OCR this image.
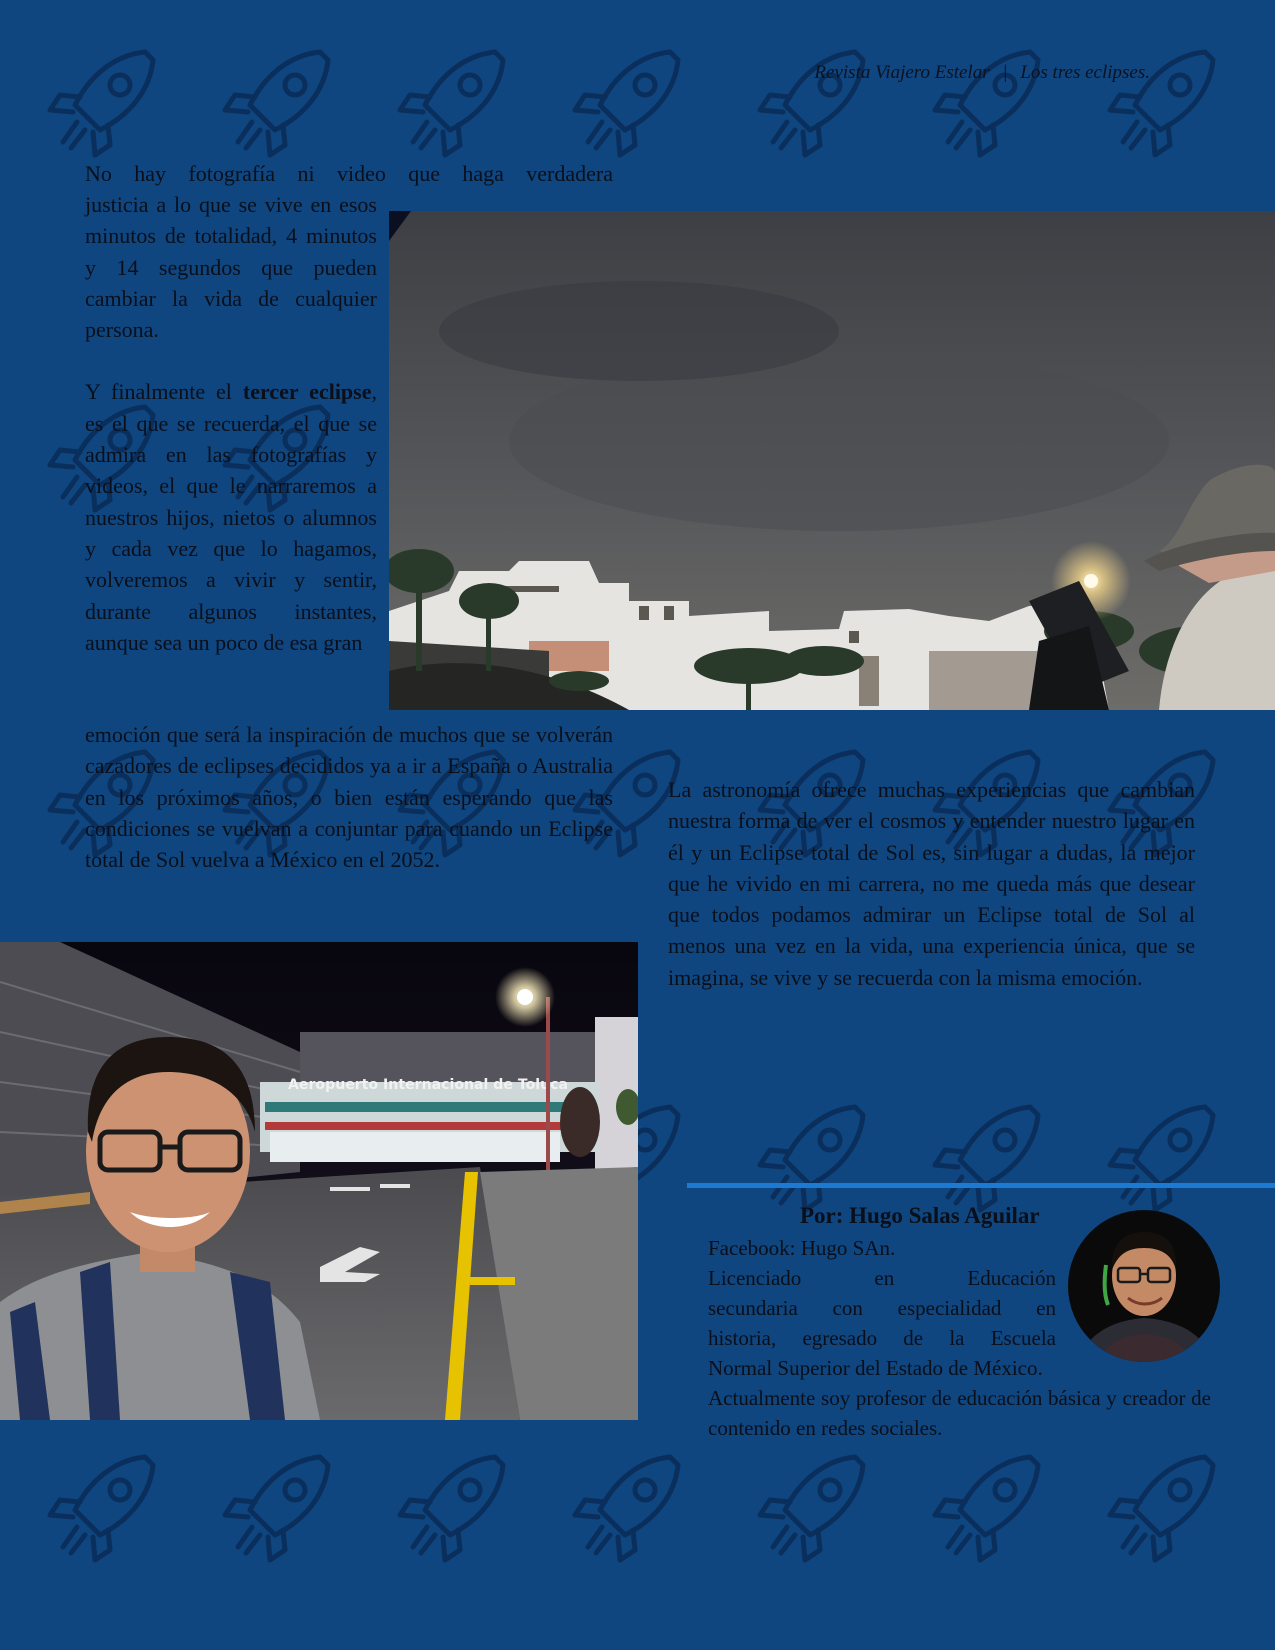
Revista Viajero Estelar | Los tres eclipses.
No hay fotografía ni video que haga verdadera

justicia a lo que se vive en esos minutos de totalidad, 4 minutos y 14 segundos que pueden cambiar la vida de cualquier persona.

Y finalmente el tercer eclipse, es el que se recuerda, el que se admira en las fotografías y videos, el que le narraremos a nuestros hijos, nietos o alumnos y cada vez que lo hagamos, volveremos a vivir y sentir, durante algunos instantes, aunque sea un poco de esa gran

emoción que será la inspiración de muchos que se volverán cazadores de eclipses decididos ya a ir a España o Australia en los próximos años, o bien están esperando que las condiciones se vuelvan a conjuntar para cuando un Eclipse total de Sol vuelva a México en el 2052.
Aeropuerto Internacional de Toluca
La astronomía ofrece muchas experiencias que cambian nuestra forma de ver el cosmos y entender nuestro lugar en él y un Eclipse total de Sol es, sin lugar a dudas, la mejor que he vivido en mi carrera, no me queda más que desear que todos podamos admirar un Eclipse total de Sol al menos una vez en la vida, una experiencia única, que se imagina, se vive y se recuerda con la misma emoción.
Por: Hugo Salas Aguilar
Facebook: Hugo SAn.
Licenciado en Educación
secundaria con especialidad en
historia, egresado de la Escuela
Normal Superior del Estado de México.
Actualmente soy profesor de educación básica y creador de contenido en redes sociales.
